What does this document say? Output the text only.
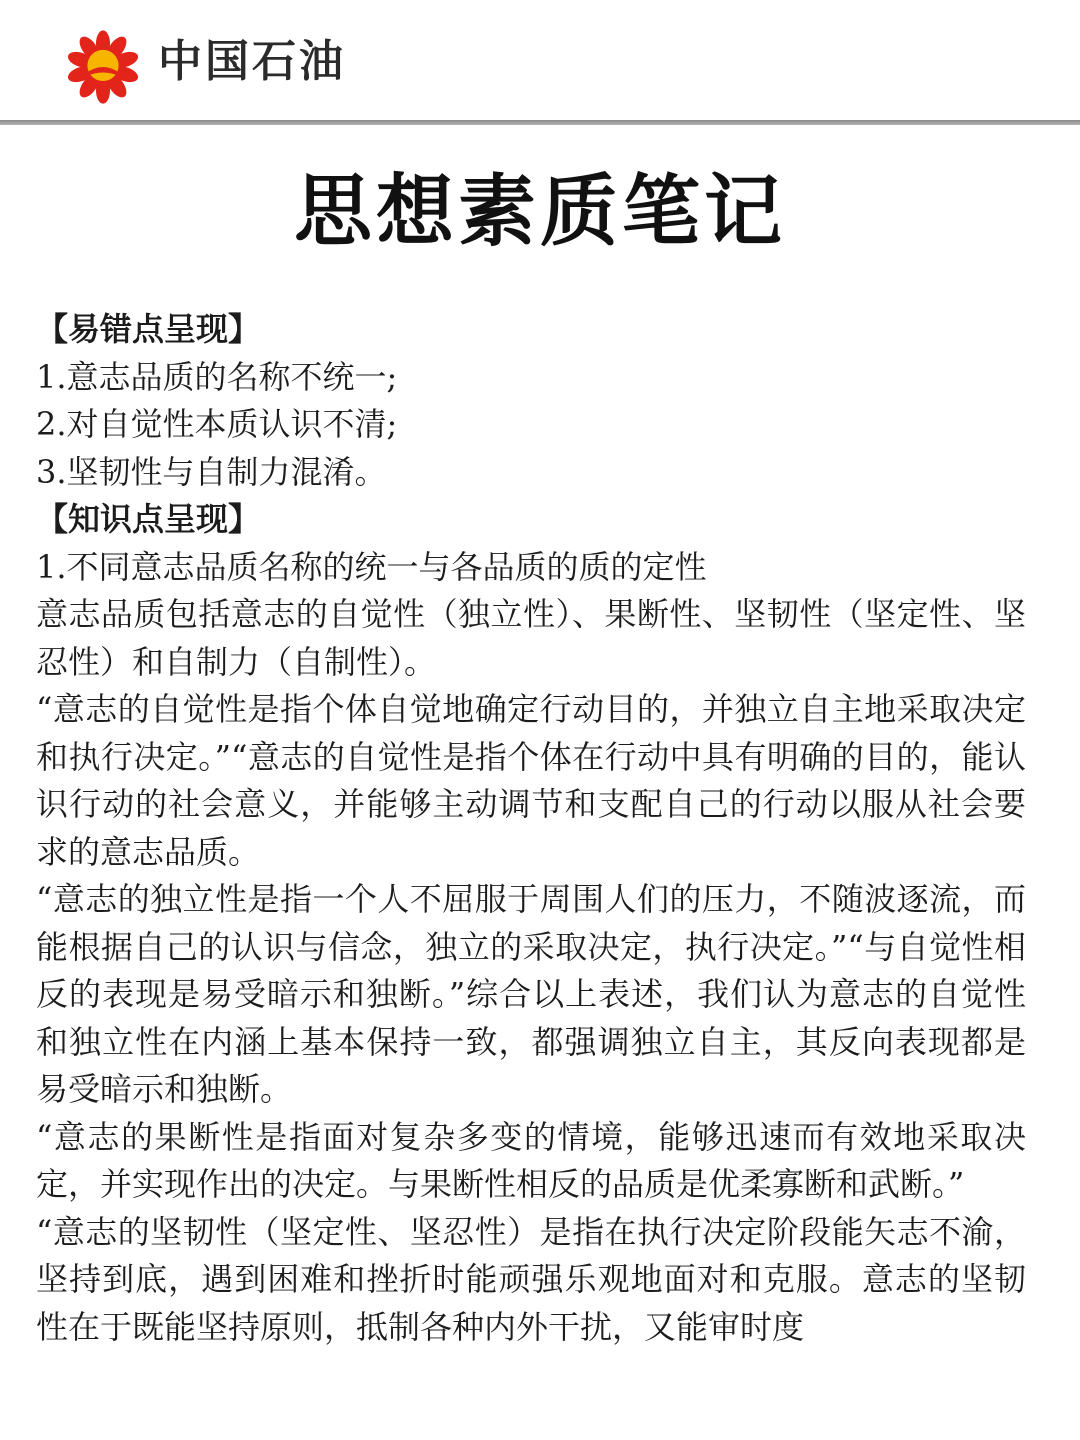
中国石油
思想素质笔记

【易错点呈现】

1.意志品质的名称不统一;

2.对自觉性本质认识不清;

3.坚韧性与自制力混淆。

【知识点呈现】

1.不同意志品质名称的统一与各品质的质的定性

意志品质包括意志的自觉性（独立性）、果断性、坚韧性（坚定性、坚忍性）和自制力（自制性）。

“意志的自觉性是指个体自觉地确定行动目的，并独立自主地采取决定和执行决定。”“意志的自觉性是指个体在行动中具有明确的目的，能认识行动的社会意义，并能够主动调节和支配自己的行动以服从社会要求的意志品质。

“意志的独立性是指一个人不屈服于周围人们的压力，不随波逐流，而能根据自己的认识与信念，独立的采取决定，执行决定。”“与自觉性相反的表现是易受暗示和独断。”综合以上表述，我们认为意志的自觉性和独立性在内涵上基本保持一致，都强调独立自主，其反向表现都是易受暗示和独断。

“意志的果断性是指面对复杂多变的情境，能够迅速而有效地采取决定，并实现作出的决定。与果断性相反的品质是优柔寡断和武断。”

“意志的坚韧性（坚定性、坚忍性）是指在执行决定阶段能矢志不渝，坚持到底，遇到困难和挫折时能顽强乐观地面对和克服。意志的坚韧性在于既能坚持原则，抵制各种内外干扰，又能审时度
